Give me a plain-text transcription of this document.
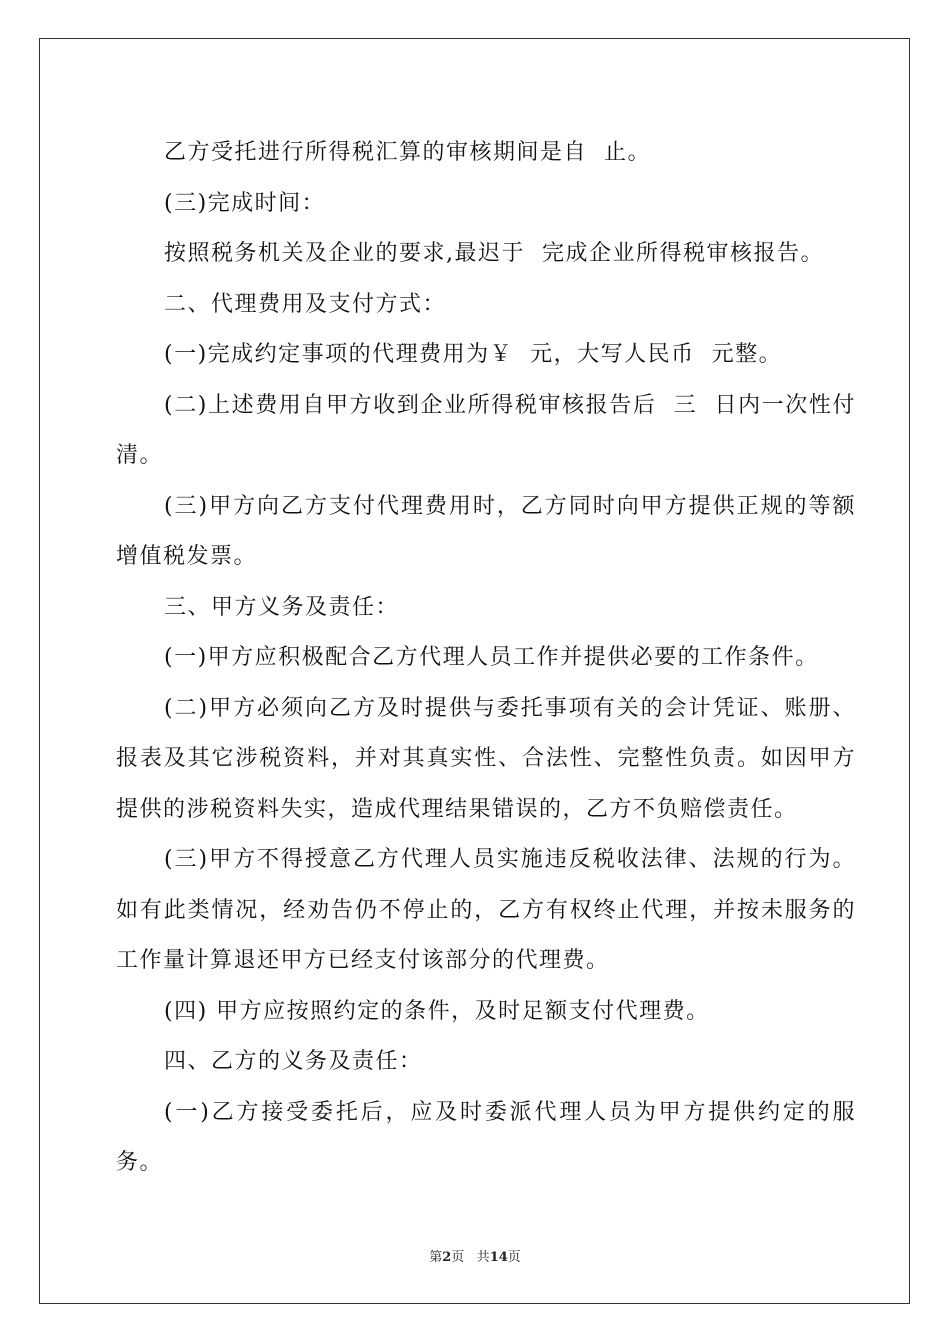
乙方受托进行所得税汇算的审核期间是自  止。

(三)完成时间：

按照税务机关及企业的要求,最迟于  完成企业所得税审核报告。

二、代理费用及支付方式：

(一)完成约定事项的代理费用为￥  元，大写人民币  元整。

(二)上述费用自甲方收到企业所得税审核报告后  三  日内一次性付清。

(三)甲方向乙方支付代理费用时，乙方同时向甲方提供正规的等额增值税发票。

三、甲方义务及责任：

(一)甲方应积极配合乙方代理人员工作并提供必要的工作条件。

(二)甲方必须向乙方及时提供与委托事项有关的会计凭证、账册、报表及其它涉税资料，并对其真实性、合法性、完整性负责。如因甲方提供的涉税资料失实，造成代理结果错误的，乙方不负赔偿责任。

(三)甲方不得授意乙方代理人员实施违反税收法律、法规的行为。如有此类情况，经劝告仍不停止的，乙方有权终止代理，并按未服务的工作量计算退还甲方已经支付该部分的代理费。

(四) 甲方应按照约定的条件，及时足额支付代理费。

四、乙方的义务及责任：

(一)乙方接受委托后，应及时委派代理人员为甲方提供约定的服务。

第2页 共14页
